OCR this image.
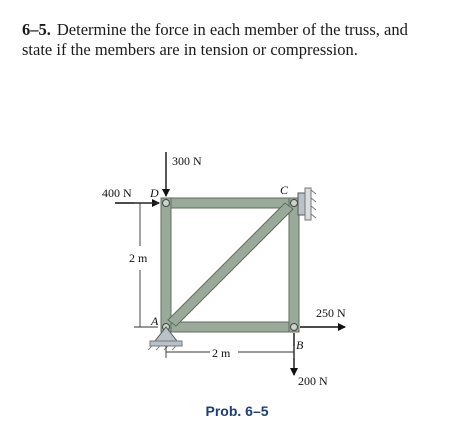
6–5. Determine the force in each member of the truss, and
state if the members are in tension or compression.
300 N
400 N D	C
A
B
2 m
2 m
250 N
200 N
Prob. 6–5
